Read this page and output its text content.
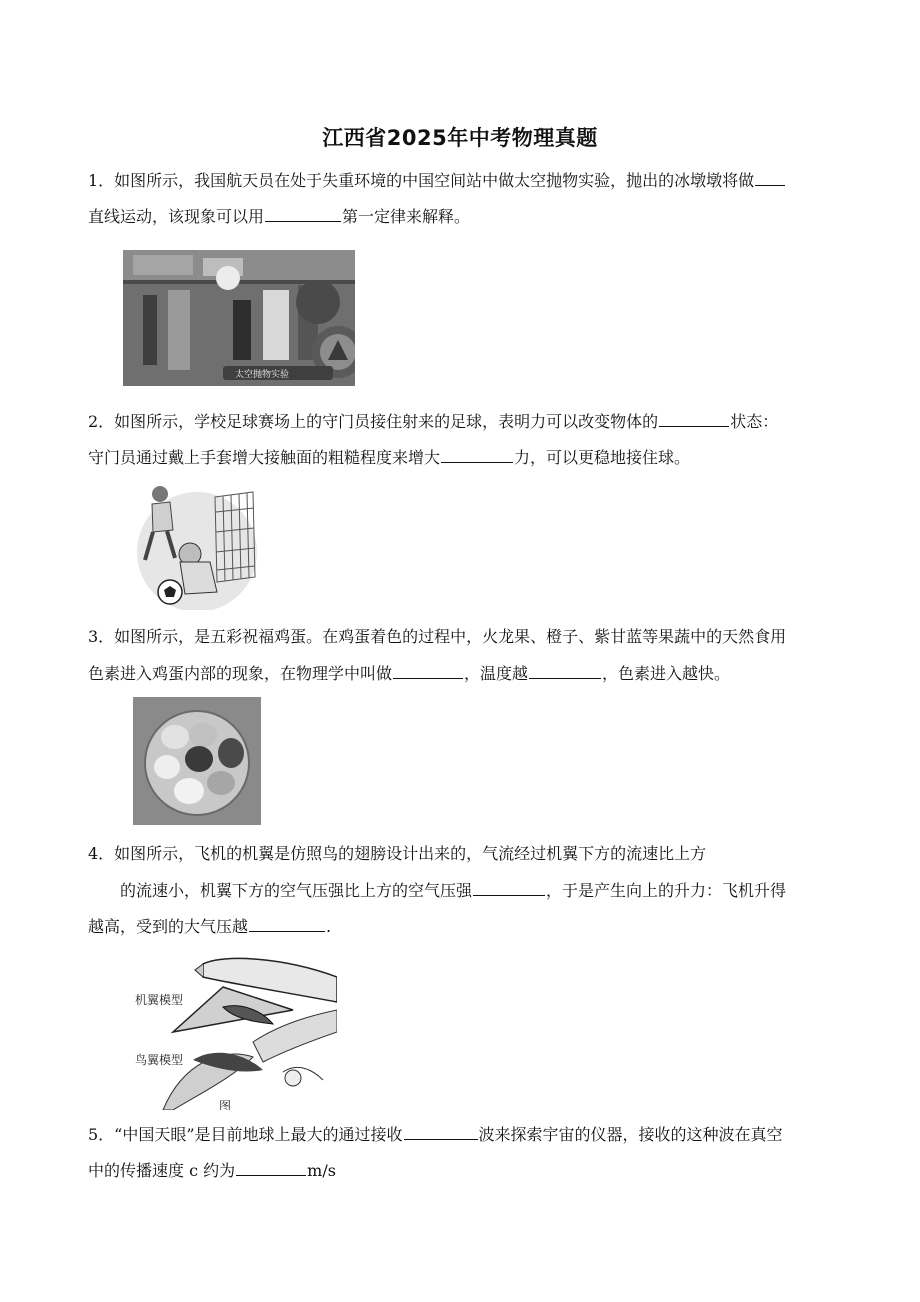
江西省2025年中考物理真题
1．如图所示，我国航天员在处于失重环境的中国空间站中做太空抛物实验，抛出的冰墩墩将做
直线运动，该现象可以用	第一定律来解释。
太空抛物实验
2．如图所示，学校足球赛场上的守门员接住射来的足球，表明力可以改变物体的	状态：
守门员通过戴上手套增大接触面的粗糙程度来增大	力，可以更稳地接住球。
3．如图所示，是五彩祝福鸡蛋。在鸡蛋着色的过程中，火龙果、橙子、紫甘蓝等果蔬中的天然食用
色素进入鸡蛋内部的现象，在物理学中叫做	，温度越	，色素进入越快。
4．如图所示，飞机的机翼是仿照鸟的翅膀设计出来的，气流经过机翼下方的流速比上方
的流速小，机翼下方的空气压强比上方的空气压强	，于是产生向上的升力：飞机升得
越高，受到的大气压越	.
机翼模型
鸟翼模型
图
5．“中国天眼”是目前地球上最大的通过接收	波来探索宇宙的仪器，接收的这种波在真空
中的传播速度 c 约为	m/s
